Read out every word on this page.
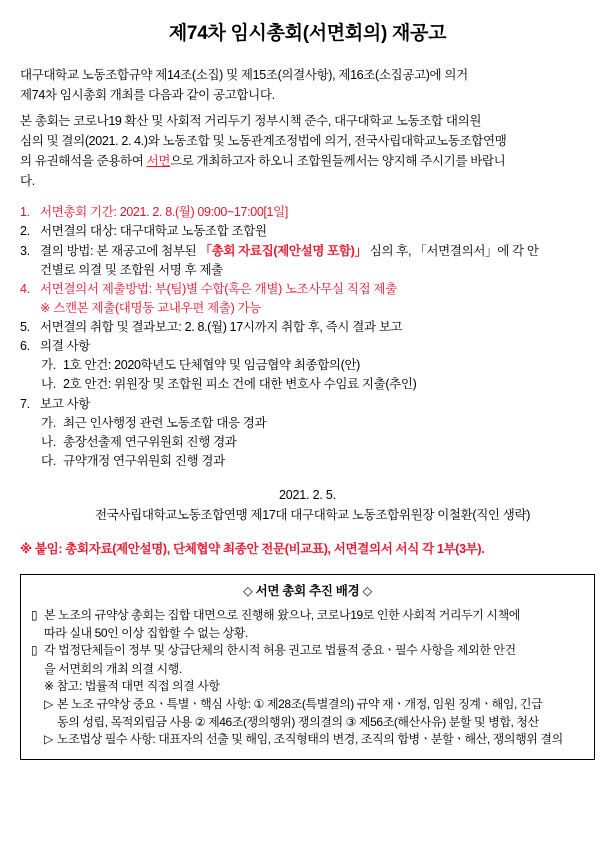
제74차 임시총회(서면회의) 재공고
대구대학교 노동조합규약 제14조(소집) 및 제15조(의결사항), 제16조(소집공고)에 의거
제74차 임시총회 개최를 다음과 같이 공고합니다.
본 총회는 코로나19 확산 및 사회적 거리두기 정부시책 준수, 대구대학교 노동조합 대의원
심의 및 결의(2021. 2. 4.)와 노동조합 및 노동관계조정법에 의거, 전국사립대학교노동조합연맹
의 유권해석을 준용하여 서면으로 개최하고자 하오니 조합원들께서는 양지해 주시기를 바랍니
다.
1. 서면총회 기간: 2021. 2. 8.(월) 09:00~17:00[1일]
2. 서면결의 대상: 대구대학교 노동조합 조합원
3. 결의 방법: 본 재공고에 첨부된 「총회 자료집(제안설명 포함)」 심의 후, 「서면결의서」에 각 안
건별로 의결 및 조합원 서명 후 제출
4. 서면결의서 제출방법: 부(팀)별 수합(혹은 개별) 노조사무실 직접 제출
※ 스캔본 제출(대명동 교내우편 제출) 가능
5. 서면결의 취합 및 결과보고: 2. 8.(월) 17시까지 취합 후, 즉시 결과 보고
6. 의결 사항
가. 1호 안건: 2020학년도 단체협약 및 임금협약 최종합의(안)
나. 2호 안건: 위원장 및 조합원 피소 건에 대한 변호사 수임료 지출(추인)
7. 보고 사항
가. 최근 인사행정 관련 노동조합 대응 경과
나. 총장선출제 연구위원회 진행 경과
다. 규약개정 연구위원회 진행 경과
2021. 2. 5.
전국사립대학교노동조합연맹 제17대 대구대학교 노동조합위원장 이철환(직인 생략)
※ 붙임: 총회자료(제안설명), 단체협약 최종안 전문(비교표), 서면결의서 서식 각 1부(3부).
◇ 서면 총회 추진 배경 ◇
▯ 본 노조의 규약상 총회는 집합 대면으로 진행해 왔으나, 코로나19로 인한 사회적 거리두기 시책에
따라 실내 50인 이상 집합할 수 없는 상황.
▯ 각 법정단체들이 정부 및 상급단체의 한시적 허용 권고로 법률적 중요ㆍ필수 사항을 제외한 안건
을 서면회의 개최 의결 시행.
※ 참고: 법률적 대면 직접 의결 사항
▷ 본 노조 규약상 중요ㆍ특별ㆍ핵심 사항: ① 제28조(특별결의) 규약 재ㆍ개정, 임원 징계ㆍ해임, 긴급
동의 성립, 목적외립금 사용 ② 제46조(쟁의행위) 쟁의결의 ③ 제56조(해산사유) 분할 및 병합, 청산
▷ 노조법상 필수 사항: 대표자의 선출 및 해임, 조직형태의 변경, 조직의 합병ㆍ분할ㆍ해산, 쟁의행위 결의
